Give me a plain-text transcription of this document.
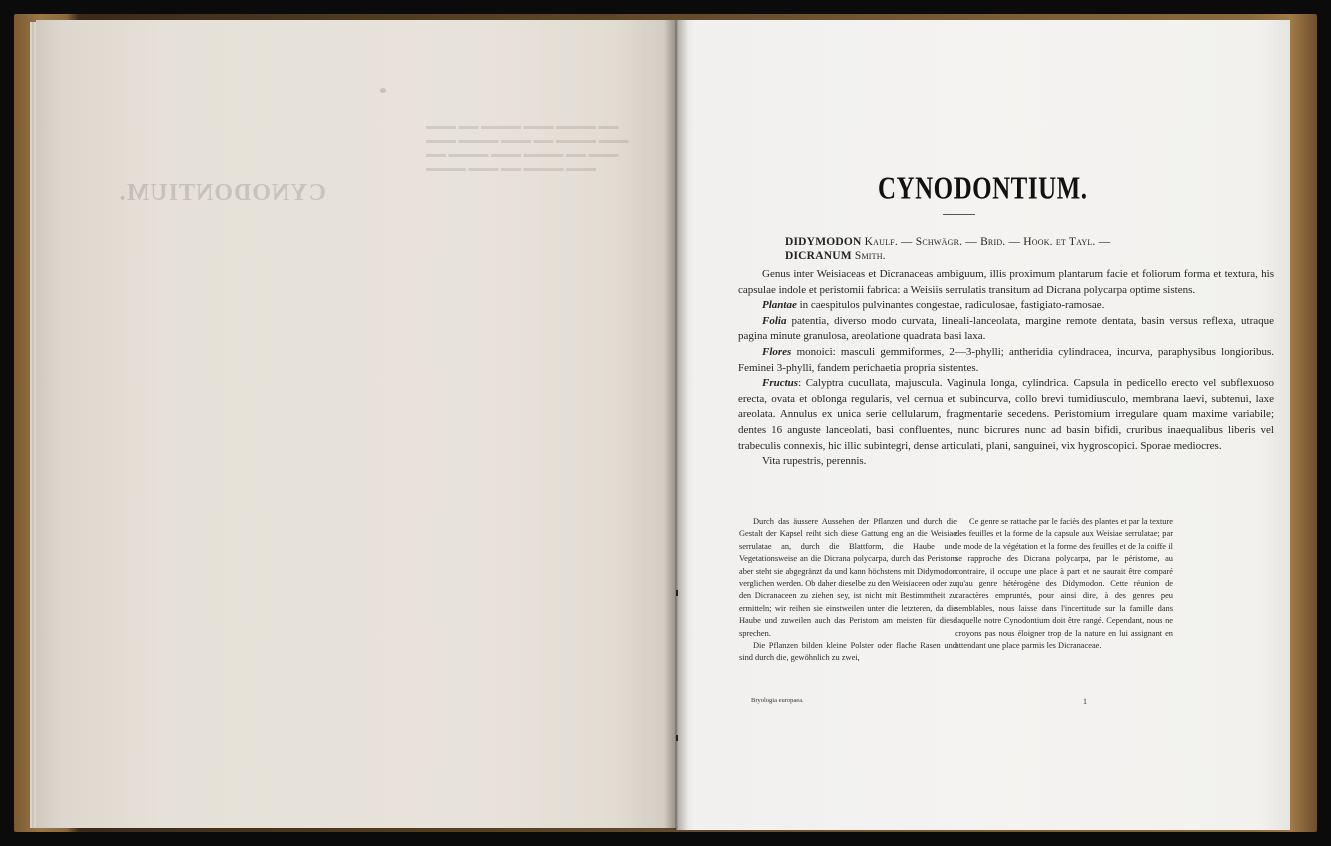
CYNODONTIUM.
▬▬▬ ▬▬ ▬▬▬▬ ▬▬▬ ▬▬▬▬ ▬▬ ▬▬▬ ▬▬▬▬ ▬▬▬ ▬▬ ▬▬▬▬ ▬▬▬ ▬▬ ▬▬▬▬ ▬▬▬ ▬▬▬▬ ▬▬ ▬▬▬ ▬▬▬▬ ▬▬▬ ▬▬ ▬▬▬▬ ▬▬▬
CYNODONTIUM.
DIDYMODON Kaulf. — Schwägr. — Brid. — Hook. et Tayl. —
DICRANUM Smith.

Genus inter Weisiaceas et Dicranaceas ambiguum, illis proximum plantarum facie et foliorum forma et textura, his capsulae indole et peristomii fabrica: a Weisiis serrulatis transitum ad Dicrana polycarpa optime sistens.

Plantae in caespitulos pulvinantes congestae, radiculosae, fastigiato-ramosae.

Folia patentia, diverso modo curvata, lineali-lanceolata, margine remote dentata, basin versus reflexa, utraque pagina minute granulosa, areolatione quadrata basi laxa.

Flores monoici: masculi gemmiformes, 2—3-phylli; antheridia cylindracea, incurva, paraphysibus longioribus. Feminei 3-phylli, fandem perichaetia propria sistentes.

Fructus: Calyptra cucullata, majuscula. Vaginula longa, cylindrica. Capsula in pedicello erecto vel subflexuoso erecta, ovata et oblonga regularis, vel cernua et subincurva, collo brevi tumidiusculo, membrana laevi, subtenui, laxe areolata. Annulus ex unica serie cellularum, fragmentarie secedens. Peristomium irregulare quam maxime variabile; dentes 16 anguste lanceolati, basi confluentes, nunc bicrures nunc ad basin bifidi, cruribus inaequalibus liberis vel trabeculis connexis, hic illic subintegri, dense articulati, plani, sanguinei, vix hygroscopici. Sporae mediocres.

Vita rupestris, perennis.

Durch das äussere Aussehen der Pflanzen und durch die Gestalt der Kapsel reiht sich diese Gattung eng an die Weisiae serrulatae an, durch die Blattform, die Haube und Vegetationsweise an die Dicrana polycarpa, durch das Peristom aber steht sie abgegränzt da und kann höchstens mit Didymodon verglichen werden. Ob daher dieselbe zu den Weisiaceen oder zu den Dicranaceen zu ziehen sey, ist nicht mit Bestimmtheit zu ermitteln; wir reihen sie einstweilen unter die letzteren, da die Haube und zuweilen auch das Peristom am meisten für diese sprechen.

Die Pflanzen bilden kleine Polster oder flache Rasen und sind durch die, gewöhnlich zu zwei,

Ce genre se rattache par le faciès des plantes et par la texture des feuilles et la forme de la capsule aux Weisiae serrulatae; par le mode de la végétation et la forme des feuilles et de la coiffe il se rapproche des Dicrana polycarpa, par le péristome, au contraire, il occupe une place à part et ne saurait être comparé qu'au genre hétérogène des Didymodon. Cette réunion de caractères empruntés, pour ainsi dire, à des genres peu semblables, nous laisse dans l'incertitude sur la famille dans laquelle notre Cynodontium doit être rangé. Cependant, nous ne croyons pas nous éloigner trop de la nature en lui assignant en attendant une place parmis les Dicranaceae.

Bryologia europaea.	1
